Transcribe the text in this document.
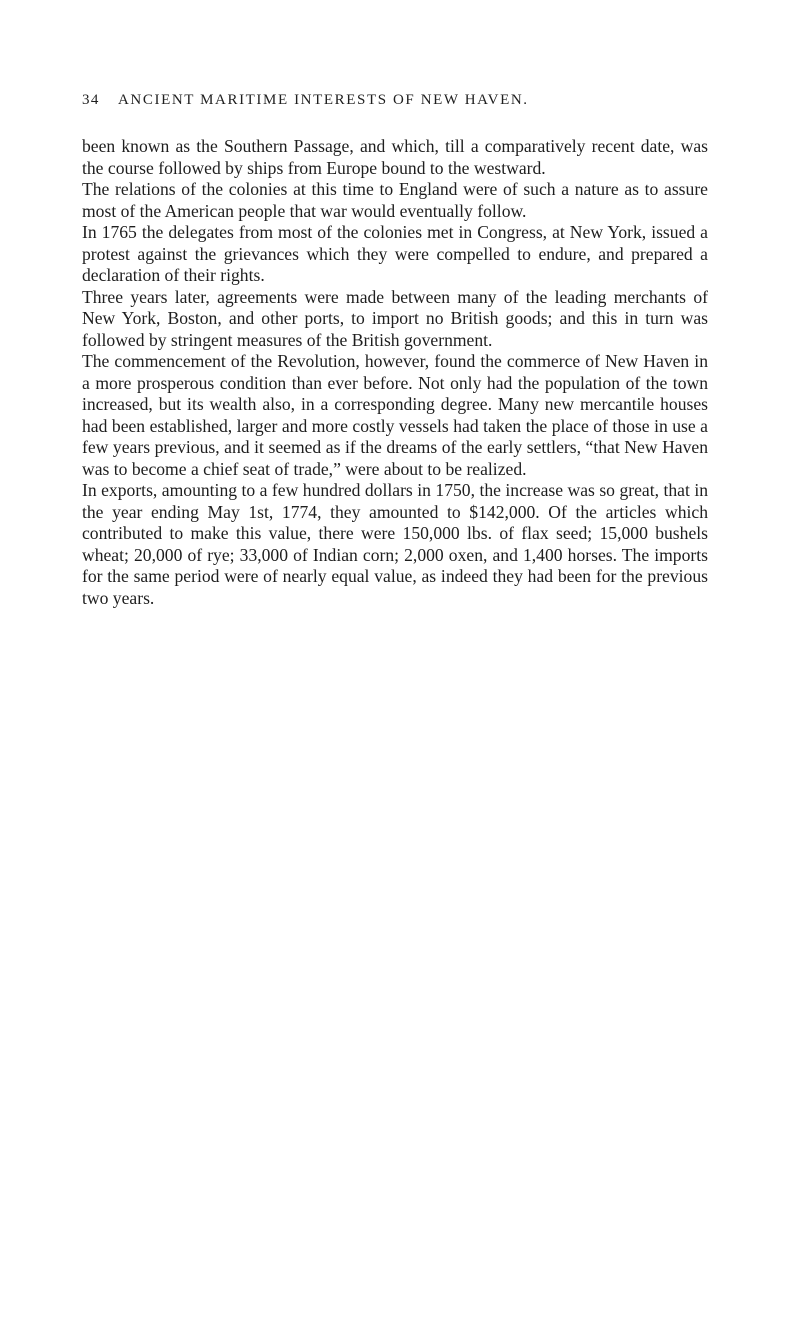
34 ANCIENT MARITIME INTERESTS OF NEW HAVEN.

been known as the Southern Passage, and which, till a comparatively recent date, was the course followed by ships from Europe bound to the westward.

The relations of the colonies at this time to England were of such a nature as to assure most of the American people that war would eventually follow.

In 1765 the delegates from most of the colonies met in Congress, at New York, issued a protest against the grievances which they were compelled to endure, and prepared a declaration of their rights.

Three years later, agreements were made between many of the leading merchants of New York, Boston, and other ports, to import no British goods; and this in turn was followed by stringent measures of the British government.

The commencement of the Revolution, however, found the commerce of New Haven in a more prosperous condition than ever before. Not only had the population of the town increased, but its wealth also, in a corresponding degree. Many new mercantile houses had been established, larger and more costly vessels had taken the place of those in use a few years previous, and it seemed as if the dreams of the early settlers, “that New Haven was to become a chief seat of trade,” were about to be realized.

In exports, amounting to a few hundred dollars in 1750, the increase was so great, that in the year ending May 1st, 1774, they amounted to $142,000. Of the articles which contributed to make this value, there were 150,000 lbs. of flax seed; 15,000 bushels wheat; 20,000 of rye; 33,000 of Indian corn; 2,000 oxen, and 1,400 horses. The imports for the same period were of nearly equal value, as indeed they had been for the previous two years.
